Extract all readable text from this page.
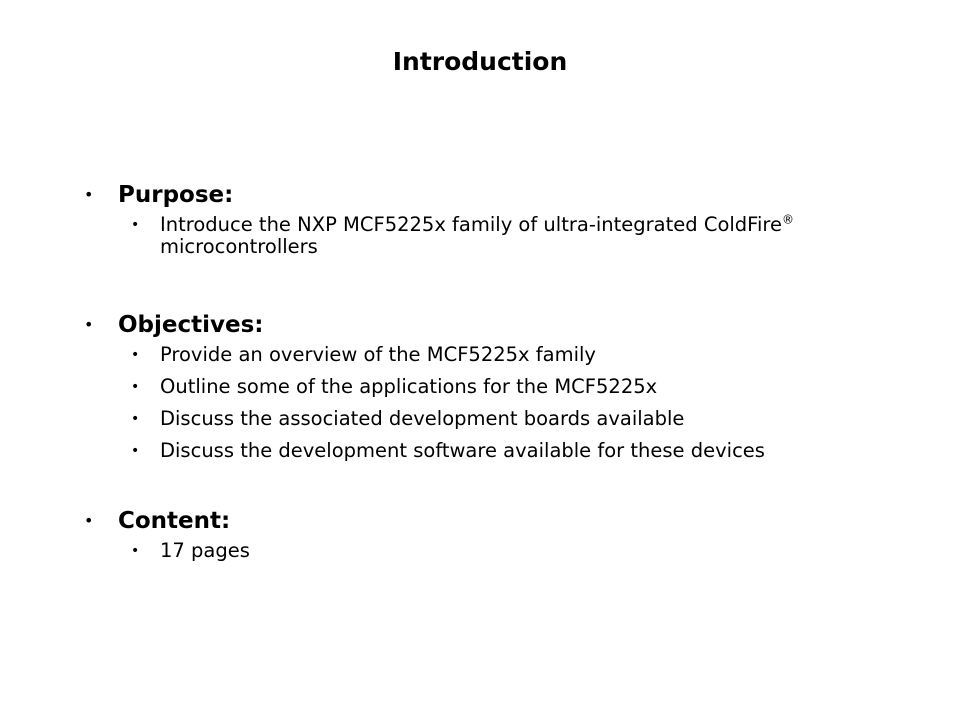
Introduction
•	Purpose:
•	Introduce the NXP MCF5225x family of ultra-integrated ColdFire® microcontrollers
•	Objectives:
•	Provide an overview of the MCF5225x family
•	Outline some of the applications for the MCF5225x
•	Discuss the associated development boards available
•	Discuss the development software available for these devices
•	Content:
•	17 pages
